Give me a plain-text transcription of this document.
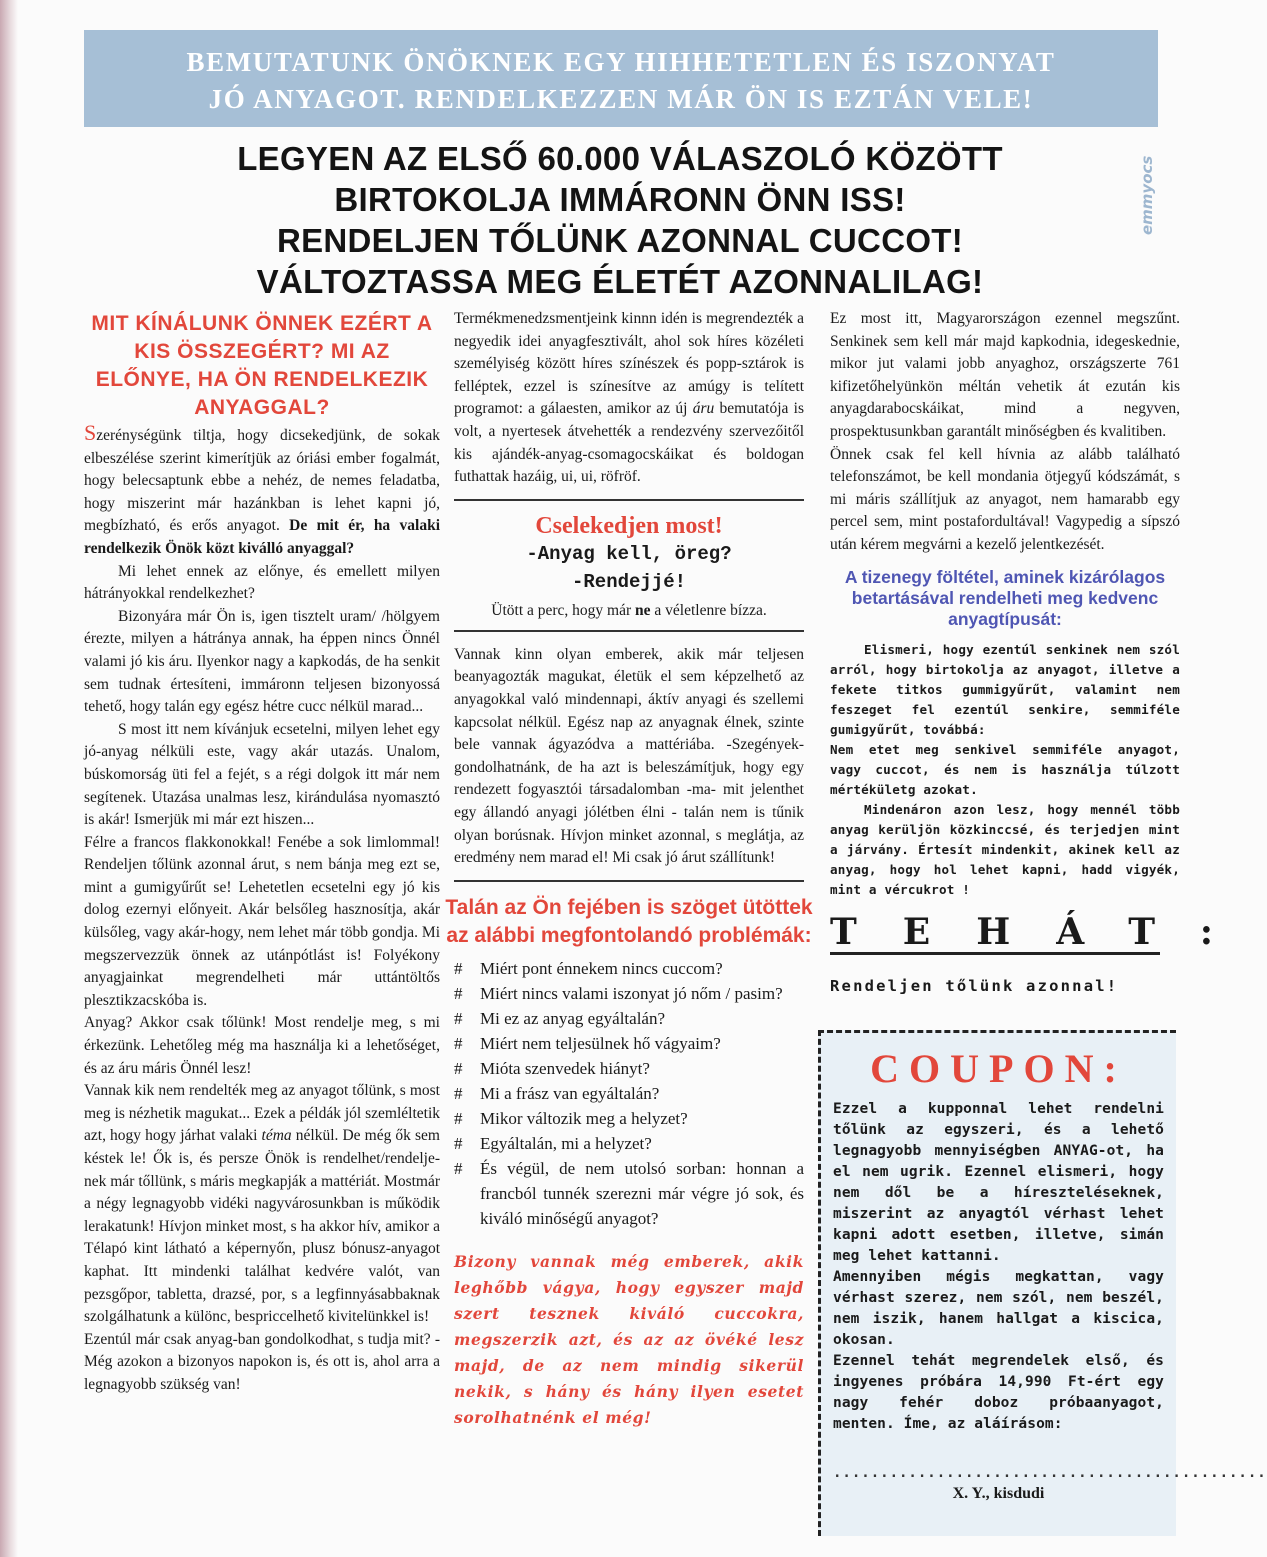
BEMUTATUNK ÖNÖKNEK EGY HIHHETETLEN ÉS ISZONYAT
JÓ ANYAGOT. RENDELKEZZEN MÁR ÖN IS EZTÁN VELE!
emmyocs
LEGYEN AZ ELSŐ 60.000 VÁLASZOLÓ KÖZÖTT
BIRTOKOLJA IMMÁRONN ÖNN ISS!
RENDELJEN TŐLÜNK AZONNAL CUCCOT!
VÁLTOZTASSA MEG ÉLETÉT AZONNALILAG!
MIT KÍNÁLUNK ÖNNEK EZÉRT A KIS ÖSSZEGÉRT? MI AZ ELŐNYE, HA ÖN RENDELKEZIK ANYAGGAL?

Szerénységünk tiltja, hogy dicsekedjünk, de sokak elbeszélése szerint kimerítjük az óriási ember fogalmát, hogy belecsaptunk ebbe a nehéz, de nemes feladatba, hogy miszerint már hazánkban is lehet kapni jó, megbízható, és erős anyagot. De mit ér, ha valaki rendelkezik Önök közt kiválló anyaggal?

Mi lehet ennek az előnye, és emellett milyen hátrányokkal rendelkezhet?

Bizonyára már Ön is, igen tisztelt uram/ /hölgyem érezte, milyen a hátránya annak, ha éppen nincs Önnél valami jó kis áru. Ilyenkor nagy a kapkodás, de ha senkit sem tudnak értesíteni, immáronn teljesen bizonyossá tehető, hogy talán egy egész hétre cucc nélkül marad...

S most itt nem kívánjuk ecsetelni, milyen lehet egy jó-anyag nélküli este, vagy akár utazás. Unalom, búskomorság üti fel a fejét, s a régi dolgok itt már nem segítenek. Utazása unalmas lesz, kirándulása nyomasztó is akár! Ismerjük mi már ezt hiszen...

Félre a francos flakkonokkal! Fenébe a sok limlommal! Rendeljen tőlünk azonnal árut, s nem bánja meg ezt se, mint a gumigyűrűt se! Lehetetlen ecsetelni egy jó kis dolog ezernyi előnyeit. Akár belsőleg hasznosítja, akár külsőleg, vagy akár-hogy, nem lehet már több gondja. Mi megszervezzük önnek az utánpótlást is! Folyékony anyagjainkat megrendelheti már uttántöltős plesztikzacskóba is.

Anyag? Akkor csak tőlünk! Most rendelje meg, s mi érkezünk. Lehetőleg még ma használja ki a lehetőséget, és az áru máris Önnél lesz!

Vannak kik nem rendelték meg az anyagot tőlünk, s most meg is nézhetik magukat... Ezek a példák jól szemléltetik azt, hogy hogy járhat valaki téma nélkül. De még ők sem késtek le! Ők is, és persze Önök is rendelhet/rendelje-nek már tőllünk, s máris megkapják a mattériát. Mostmár a négy legnagyobb vidéki nagyvárosunkban is működik lerakatunk! Hívjon minket most, s ha akkor hív, amikor a Télapó kint látható a képernyőn, plusz bónusz-anyagot kaphat. Itt mindenki találhat kedvére valót, van pezsgőpor, tabletta, drazsé, por, s a legfinnyásabbaknak szolgálhatunk a különc, bespriccelhető kivitelünkkel is!

Ezentúl már csak anyag-ban gondolkodhat, s tudja mit? - Még azokon a bizonyos napokon is, és ott is, ahol arra a legnagyobb szükség van!

Termékmenedzsmentjeink kinnn idén is megrendezték a negyedik idei anyagfesztivált, ahol sok híres közéleti személyiség között híres színészek és popp-sztárok is felléptek, ezzel is színesítve az amúgy is telített programot: a gálaesten, amikor az új áru bemutatója is volt, a nyertesek átvehették a rendezvény szervezőitől kis ajándék-anyag-csomagocskáikat és boldogan futhattak hazáig, ui, ui, röfröf.

Cselekedjen most!
-Anyag kell, öreg?
-Rendejjé!
Ütött a perc, hogy már ne a véletlenre bízza.
Vannak kinn olyan emberek, akik már teljesen beanyagozták magukat, életük el sem képzelhető az anyagokkal való mindennapi, áktív anyagi és szellemi kapcsolat nélkül. Egész nap az anyagnak élnek, szinte bele vannak ágyazódva a mattériába. -Szegények- gondolhatnánk, de ha azt is beleszámítjuk, hogy egy rendezett fogyasztói társadalomban -ma- mit jelenthet egy állandó anyagi jólétben élni - talán nem is tűnik olyan borúsnak. Hívjon minket azonnal, s meglátja, az eredmény nem marad el! Mi csak jó árut szállítunk!
Talán az Ön fejében is szöget ütöttek az alábbi megfontolandó problémák:
# Miért pont énnekem nincs cuccom?
# Miért nincs valami iszonyat jó nőm / pasim?
# Mi ez az anyag egyáltalán?
# Miért nem teljesülnek hő vágyaim?
# Mióta szenvedek hiányt?
# Mi a frász van egyáltalán?
# Mikor változik meg a helyzet?
# Egyáltalán, mi a helyzet?
# És végül, de nem utolsó sorban: honnan a francból tunnék szerezni már végre jó sok, és kiváló minőségű anyagot?
Bizony vannak még emberek, akik leghőbb vágya, hogy egyszer majd szert tesznek kiváló cuccokra, megszerzik azt, és az az övéké lesz majd, de az nem mindig sikerül nekik, s hány és hány ilyen esetet sorolhatnénk el még!

Ez most itt, Magyarországon ezennel megszűnt. Senkinek sem kell már majd kapkodnia, idegeskednie, mikor jut valami jobb anyaghoz, országszerte 761 kifizetőhelyünkön méltán vehetik át ezután kis anyagdarabocskáikat, mind a negyven, prospektusunkban garantált minőségben és kvalitiben.

Önnek csak fel kell hívnia az alább található telefonszámot, be kell mondania ötjegyű kódszámát, s mi máris szállítjuk az anyagot, nem hamarabb egy percel sem, mint postafordultával! Vagypedig a sípszó után kérem megvárni a kezelő jelentkezését.

A tizenegy föltétel, aminek kizárólagos betartásával rendelheti meg kedvenc anyagtípusát:

Elismeri, hogy ezentúl senkinek nem szól arról, hogy birtokolja az anyagot, illetve a fekete titkos gummigyűrűt, valamint nem feszeget fel ezentúl senkire, semmiféle gumigyűrűt, továbbá:

Nem etet meg senkivel semmiféle anyagot, vagy cuccot, és nem is használja túlzott mértékületg azokat.

Mindenáron azon lesz, hogy mennél több anyag kerüljön közkinccsé, és terjedjen mint a járvány. Értesít mindenkit, akinek kell az anyag, hogy hol lehet kapni, hadd vigyék, mint a vércukrot !

TEHÁT:
Rendeljen tőlünk azonnal!
COUPON:

Ezzel a kupponnal lehet rendelni tőlünk az egyszeri, és a lehető legnagyobb mennyiségben ANYAG-ot, ha el nem ugrik. Ezennel elismeri, hogy nem dől be a híreszteléseknek, miszerint az anyagtól vérhast lehet kapni adott esetben, illetve, simán meg lehet kattanni.

Amennyiben mégis megkattan, vagy vérhast szerez, nem szól, nem beszél, nem iszik, hanem hallgat a kiscica, okosan.

Ezennel tehát megrendelek első, és ingyenes próbára 14,990 Ft-ért egy nagy fehér doboz próbaanyagot, menten. Íme, az aláírásom:

..............................................
X. Y., kisdudi
